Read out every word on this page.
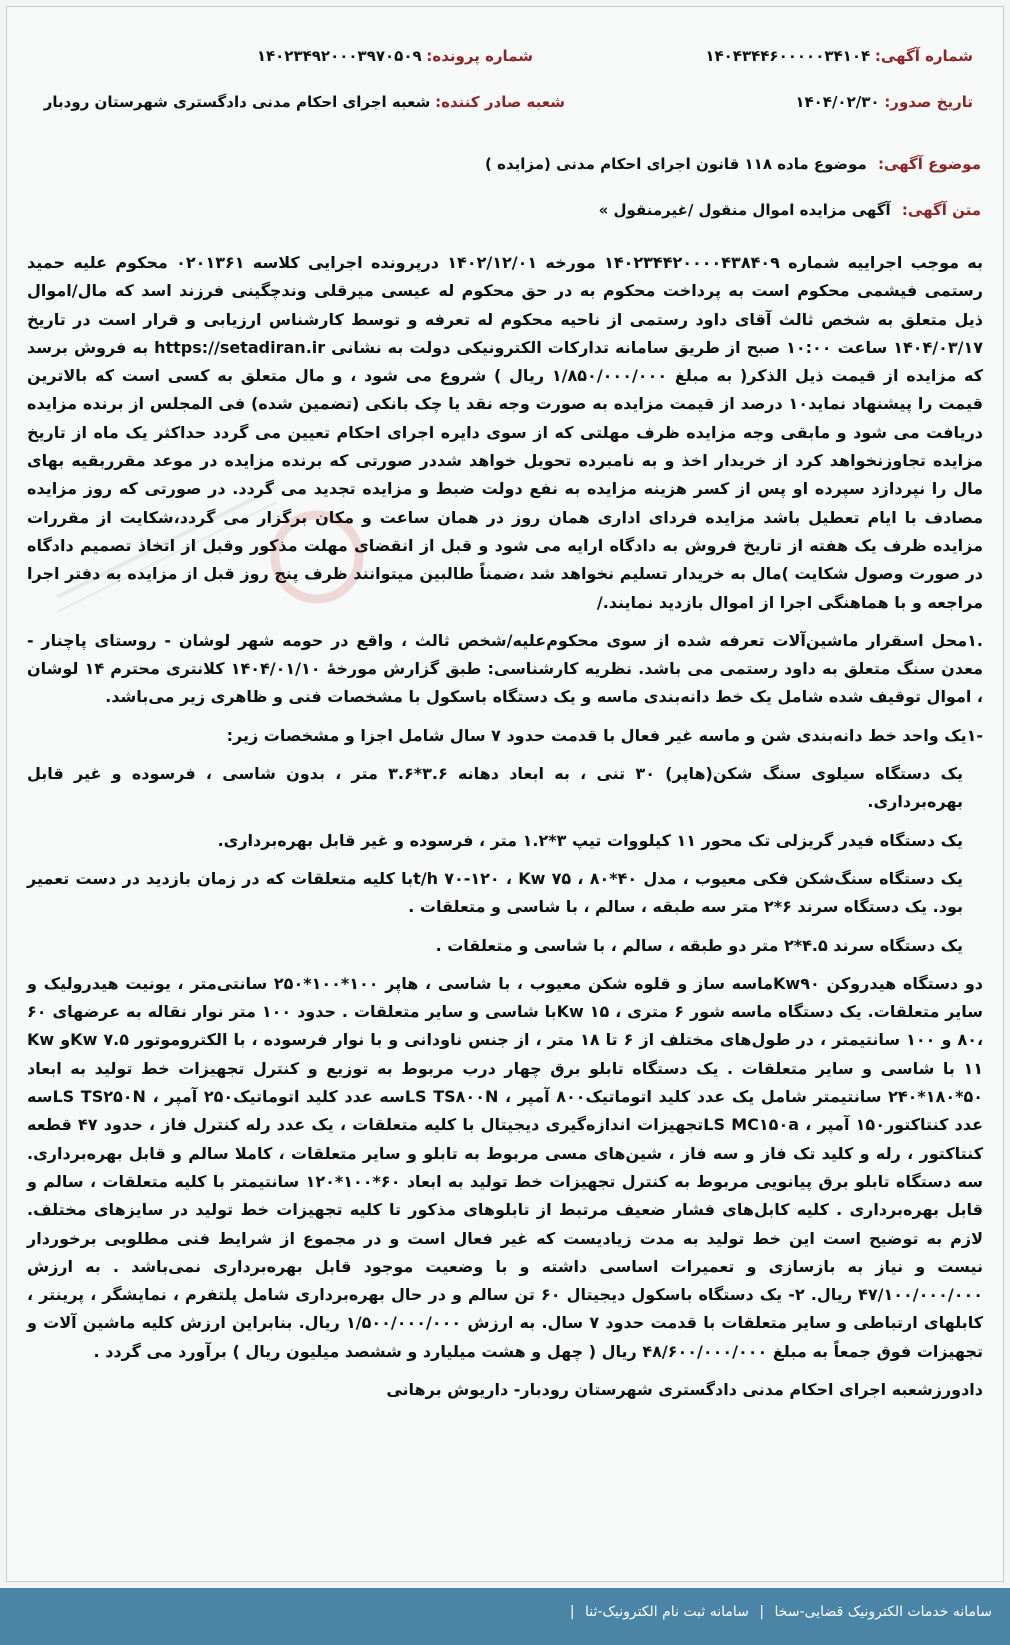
شماره آگهی: ۱۴۰۴۳۴۴۶۰۰۰۰۰۳۴۱۰۴
شماره پرونده: ۱۴۰۲۳۴۹۲۰۰۰۳۹۷۰۵۰۹
تاریخ صدور: ۱۴۰۴/۰۲/۳۰
شعبه صادر کننده: شعبه اجرای احکام مدنی دادگستری شهرستان رودبار
موضوع آگهی: موضوع ماده ۱۱۸ قانون اجرای احکام مدنی (مزایده )
متن آگهی: آگهی مزایده اموال منقول /غیرمنقول »

به موجب اجراییه شماره ۱۴۰۲۳۴۴۲۰۰۰۰۴۳۸۴۰۹ مورخه ۱۴۰۲/۱۲/۰۱ درپرونده اجرایی کلاسه ۰۲۰۱۳۶۱ محکوم علیه حمید رستمی فیشمی محکوم است به پرداخت محکوم به در حق محکوم له عیسی میرقلی وندچگینی فرزند اسد که مال/اموال ذیل متعلق به شخص ثالث آقای داود رستمی از ناحیه محکوم له تعرفه و توسط کارشناس ارزیابی و قرار است در تاریخ ۱۴۰۴/۰۳/۱۷ ساعت ۱۰:۰۰ صبح از طریق سامانه تدارکات الکترونیکی دولت به نشانی https://setadiran.ir به فروش برسد که مزایده از قیمت ذیل الذکر( به مبلغ ۱/۸۵۰/۰۰۰/۰۰۰ ریال ) شروع می شود ، و مال متعلق به کسی است که بالاترین قیمت را پیشنهاد نماید۱۰ درصد از قیمت مزایده به صورت وجه نقد یا چک بانکی (تضمین شده) فی المجلس از برنده مزایده دریافت می شود و مابقی وجه مزایده ظرف مهلتی که از سوی دایره اجرای احکام تعیین می گردد حداکثر یک ماه از تاریخ مزایده تجاوزنخواهد کرد از خریدار اخذ و به نامبرده تحویل خواهد شددر صورتی که برنده مزایده در موعد مقرربقیه بهای مال را نپردازد سپرده او پس از کسر هزینه مزایده به نفع دولت ضبط و مزایده تجدید می گردد. در صورتی که روز مزایده مصادف با ایام تعطیل باشد مزایده فردای اداری همان روز در همان ساعت و مکان برگزار می گردد،شکایت از مقررات مزایده ظرف یک هفته از تاریخ فروش به دادگاه ارایه می شود و قبل از انقضای مهلت مذکور وقبل از اتخاذ تصمیم دادگاه در صورت وصول شکایت )مال به خریدار تسلیم نخواهد شد ،ضمناً طالبین میتوانند ظرف پنج روز قبل از مزایده به دفتر اجرا مراجعه و با هماهنگی اجرا از اموال بازدید نمایند./

.۱محل اسقرار ماشین‌آلات تعرفه شده از سوی محکوم‌علیه/شخص ثالث ، واقع در حومه شهر لوشان - روستای پاچنار - معدن سنگ متعلق به داود رستمی می باشد. نظریه کارشناسی: طبق گزارش مورخهٔ ۱۴۰۴/۰۱/۱۰ کلانتری محترم ۱۴ لوشان ، اموال توقیف شده شامل یک خط دانه‌بندی ماسه و یک دستگاه باسکول با مشخصات فنی و ظاهری زیر می‌باشد.

-۱یک واحد خط دانه‌بندی شن و ماسه غیر فعال با قدمت حدود ۷ سال شامل اجزا و مشخصات زیر:

یک دستگاه سیلوی سنگ شکن(هاپر) ۳۰ تنی ، به ابعاد دهانه ۳.۶*۳.۶ متر ، بدون شاسی ، فرسوده و غیر قابل بهره‌برداری.

یک دستگاه فیدر گریزلی تک محور ۱۱ کیلووات تیپ ۳*۱.۲ متر ، فرسوده و غیر قابل بهره‌برداری.

یک دستگاه سنگ‌شکن فکی معیوب ، مدل ۴۰*۸۰ ، t/h ۷۰-۱۲۰ ، Kw ۷۵با کلیه متعلقات که در زمان بازدید در دست تعمیر بود. یک دستگاه سرند ۶*۲ متر سه طبقه ، سالم ، با شاسی و متعلقات .

یک دستگاه سرند ۴.۵*۲ متر دو طبقه ، سالم ، با شاسی و متعلقات .

دو دستگاه هیدروکن Kw۹۰ماسه ساز و قلوه شکن معیوب ، با شاسی ، هاپر ۱۰۰*۱۰۰*۲۵۰ سانتی‌متر ، یونیت هیدرولیک و سایر متعلقات. یک دستگاه ماسه شور ۶ متری ، ۱۵ Kwبا شاسی و سایر متعلقات . حدود ۱۰۰ متر نوار نقاله به عرضهای ۶۰ ،۸۰ و ۱۰۰ سانتیمتر ، در طول‌های مختلف از ۶ تا ۱۸ متر ، از جنس ناودانی و با نوار فرسوده ، با الکتروموتور Kw ۷.۵و Kw ۱۱ با شاسی و سایر متعلقات . یک دستگاه تابلو برق چهار درب مربوط به توزیع و کنترل تجهیزات خط تولید به ابعاد ۵۰*۱۸۰*۲۴۰ سانتیمتر شامل یک عدد کلید اتوماتیک۸۰۰ آمپر ، LS TS۸۰۰Nسه عدد کلید اتوماتیک۲۵۰ آمپر ، LS TS۲۵۰Nسه عدد کنتاکتور۱۵۰ آمپر ، LS MC۱۵۰aتجهیزات اندازه‌گیری دیجیتال با کلیه متعلقات ، یک عدد رله کنترل فاز ، حدود ۴۷ قطعه کنتاکتور ، رله و کلید تک فاز و سه فاز ، شین‌های مسی مربوط به تابلو و سایر متعلقات ، کاملا سالم و قابل بهره‌برداری. سه دستگاه تابلو برق پیانویی مربوط به کنترل تجهیزات خط تولید به ابعاد ۶۰*۱۰۰*۱۲۰ سانتیمتر با کلیه متعلقات ، سالم و قابل بهره‌برداری . کلیه کابل‌های فشار ضعیف مرتبط از تابلوهای مذکور تا کلیه تجهیزات خط تولید در سایزهای مختلف. لازم به توضیح است این خط تولید به مدت زیادیست که غیر فعال است و در مجموع از شرایط فنی مطلوبی برخوردار نیست و نیاز به بازسازی و تعمیرات اساسی داشته و با وضعیت موجود قابل بهره‌برداری نمی‌باشد . به ارزش ۴۷/۱۰۰/۰۰۰/۰۰۰ ریال. ۲- یک دستگاه باسکول دیجیتال ۶۰ تن سالم و در حال بهره‌برداری شامل پلتفرم ، نمایشگر ، پرینتر ، کابلهای ارتباطی و سایر متعلقات با قدمت حدود ۷ سال. به ارزش ۱/۵۰۰/۰۰۰/۰۰۰ ریال. بنابراین ارزش کلیه ماشین آلات و تجهیزات فوق جمعاً به مبلغ ۴۸/۶۰۰/۰۰۰/۰۰۰ ریال ( چهل و هشت میلیارد و ششصد میلیون ریال ) برآورد می گردد .

دادورزشعبه اجرای احکام مدنی دادگستری شهرستان رودبار- داریوش برهانی

سامانه خدمات الکترونیک قضایی-سخا | سامانه ثبت نام الکترونیک-ثنا |
